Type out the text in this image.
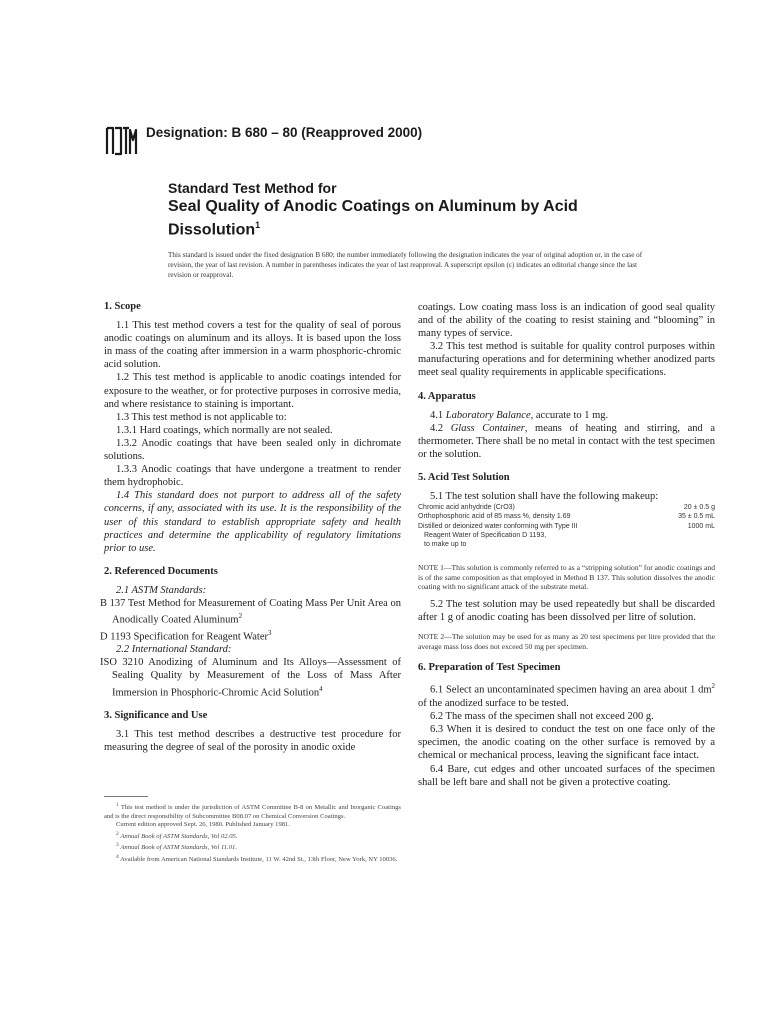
Designation: B 680 – 80 (Reapproved 2000)
Standard Test Method for
Seal Quality of Anodic Coatings on Aluminum by Acid Dissolution$^1$
This standard is issued under the fixed designation B 680; the number immediately following the designation indicates the year of original adoption or, in the case of revision, the year of last revision. A number in parentheses indicates the year of last reapproval. A superscript epsilon (ε) indicates an editorial change since the last revision or reapproval.
1. Scope

1.1 This test method covers a test for the quality of seal of porous anodic coatings on aluminum and its alloys. It is based upon the loss in mass of the coating after immersion in a warm phosphoric-chromic acid solution.

1.2 This test method is applicable to anodic coatings intended for exposure to the weather, or for protective purposes in corrosive media, and where resistance to staining is important.

1.3 This test method is not applicable to:

1.3.1 Hard coatings, which normally are not sealed.

1.3.2 Anodic coatings that have been sealed only in dichromate solutions.

1.3.3 Anodic coatings that have undergone a treatment to render them hydrophobic.

1.4 This standard does not purport to address all of the safety concerns, if any, associated with its use. It is the responsibility of the user of this standard to establish appropriate safety and health practices and determine the applicability of regulatory limitations prior to use.

2. Referenced Documents

2.1 ASTM Standards:

B 137 Test Method for Measurement of Coating Mass Per Unit Area on Anodically Coated Aluminum$^2$

D 1193 Specification for Reagent Water$^3$

2.2 International Standard:

ISO 3210 Anodizing of Aluminum and Its Alloys—Assessment of Sealing Quality by Measurement of the Loss of Mass After Immersion in Phosphoric-Chromic Acid Solution$^4$

3. Significance and Use

3.1 This test method describes a destructive test procedure for measuring the degree of seal of the porosity in anodic oxide

$^1$ This test method is under the jurisdiction of ASTM Committee B-8 on Metallic and Inorganic Coatings and is the direct responsibility of Subcommittee B08.07 on Chemical Conversion Coatings.

Current edition approved Sept. 26, 1980. Published January 1981.

$^2$ Annual Book of ASTM Standards, Vol 02.05.

$^3$ Annual Book of ASTM Standards, Vol 11.01.

$^4$ Available from American National Standards Institute, 11 W. 42nd St., 13th Floor, New York, NY 10036.

coatings. Low coating mass loss is an indication of good seal quality and of the ability of the coating to resist staining and “blooming” in many types of service.

3.2 This test method is suitable for quality control purposes within manufacturing operations and for determining whether anodized parts meet seal quality requirements in applicable specifications.

4. Apparatus

4.1 Laboratory Balance, accurate to 1 mg.

4.2 Glass Container, means of heating and stirring, and a thermometer. There shall be no metal in contact with the test specimen or the solution.

5. Acid Test Solution

5.1 The test solution shall have the following makeup:

Chromic acid anhydride (CrO3)	20 ± 0.5 g
Orthophosphoric acid of 85 mass %, density 1.69	35 ± 0.5 mL
Distilled or deionized water conforming with Type III	1000 mL
Reagent Water of Specification D 1193, to make up to	

NOTE 1—This solution is commonly referred to as a “stripping solution” for anodic coatings and is of the same composition as that employed in Method B 137. This solution dissolves the anodic coating with no significant attack of the substrate metal.

5.2 The test solution may be used repeatedly but shall be discarded after 1 g of anodic coating has been dissolved per litre of solution.

NOTE 2—The solution may be used for as many as 20 test specimens per litre provided that the average mass loss does not exceed 50 mg per specimen.

6. Preparation of Test Specimen

6.1 Select an uncontaminated specimen having an area about 1 $dm^2$ of the anodized surface to be tested.

6.2 The mass of the specimen shall not exceed 200 g.

6.3 When it is desired to conduct the test on one face only of the specimen, the anodic coating on the other surface is removed by a chemical or mechanical process, leaving the significant face intact.

6.4 Bare, cut edges and other uncoated surfaces of the specimen shall be left bare and shall not be given a protective coating.
